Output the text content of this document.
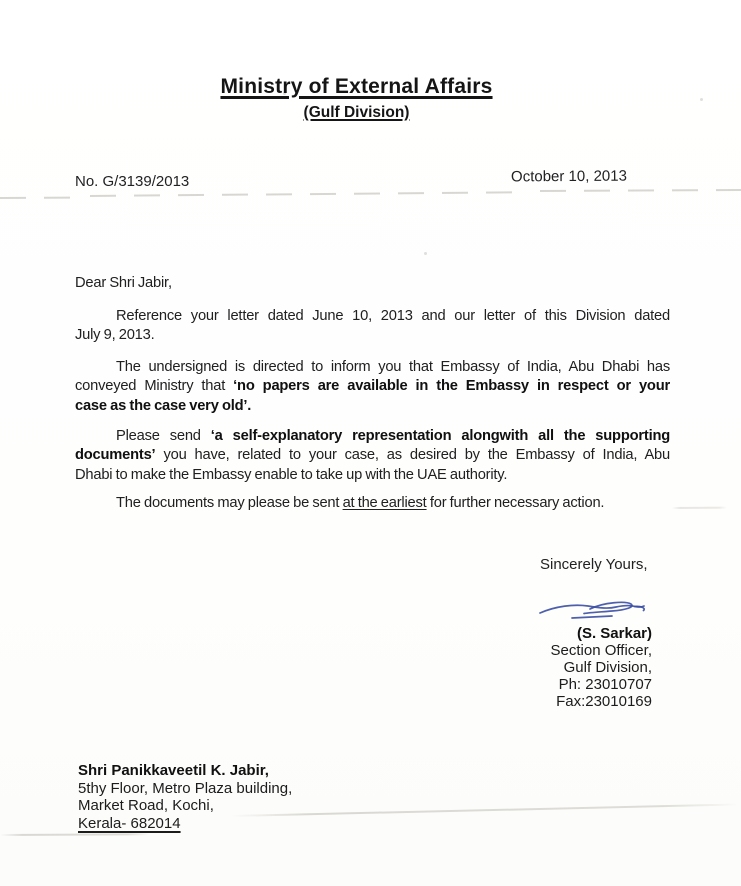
Ministry of External Affairs
(Gulf Division)
No. G/3139/2013	October 10, 2013
Dear Shri Jabir,
Reference your letter dated June 10, 2013 and our letter of this Division dated
July 9, 2013.
The undersigned is directed to inform you that Embassy of India, Abu Dhabi has
conveyed Ministry that ‘no papers are available in the Embassy in respect or your
case as the case very old’.
Please send ‘a self-explanatory representation alongwith all the supporting
documents’ you have, related to your case, as desired by the Embassy of India, Abu
Dhabi to make the Embassy enable to take up with the UAE authority.
The documents may please be sent at the earliest for further necessary action.
Sincerely Yours,
(S. Sarkar)
Section Officer,
Gulf Division,
Ph: 23010707
Fax:23010169
Shri Panikkaveetil K. Jabir,
5thy Floor, Metro Plaza building,
Market Road, Kochi,
Kerala- 682014
